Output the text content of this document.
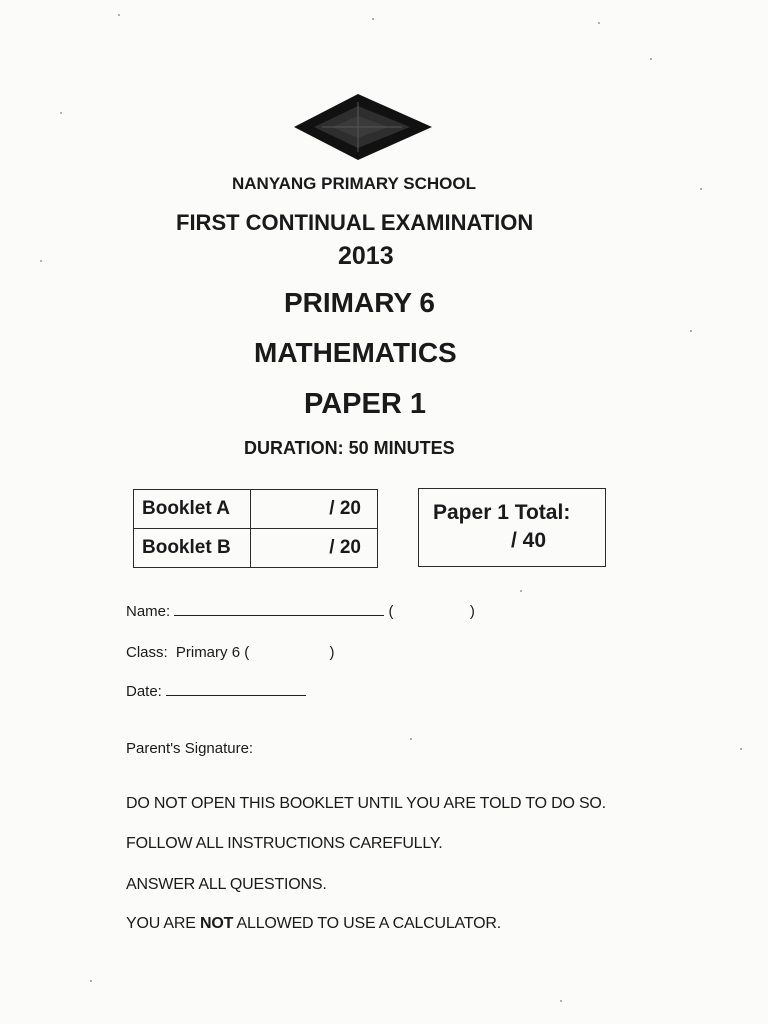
NANYANG PRIMARY SCHOOL
FIRST CONTINUAL EXAMINATION
2013
PRIMARY 6
MATHEMATICS
PAPER 1
DURATION: 50 MINUTES
Booklet A	/ 20
Booklet B	/ 20
Paper 1 Total:
/ 40
Name:	(	)
Class: Primary 6 (	)
Date:
Parent's Signature:
DO NOT OPEN THIS BOOKLET UNTIL YOU ARE TOLD TO DO SO.
FOLLOW ALL INSTRUCTIONS CAREFULLY.
ANSWER ALL QUESTIONS.
YOU ARE NOT ALLOWED TO USE A CALCULATOR.
